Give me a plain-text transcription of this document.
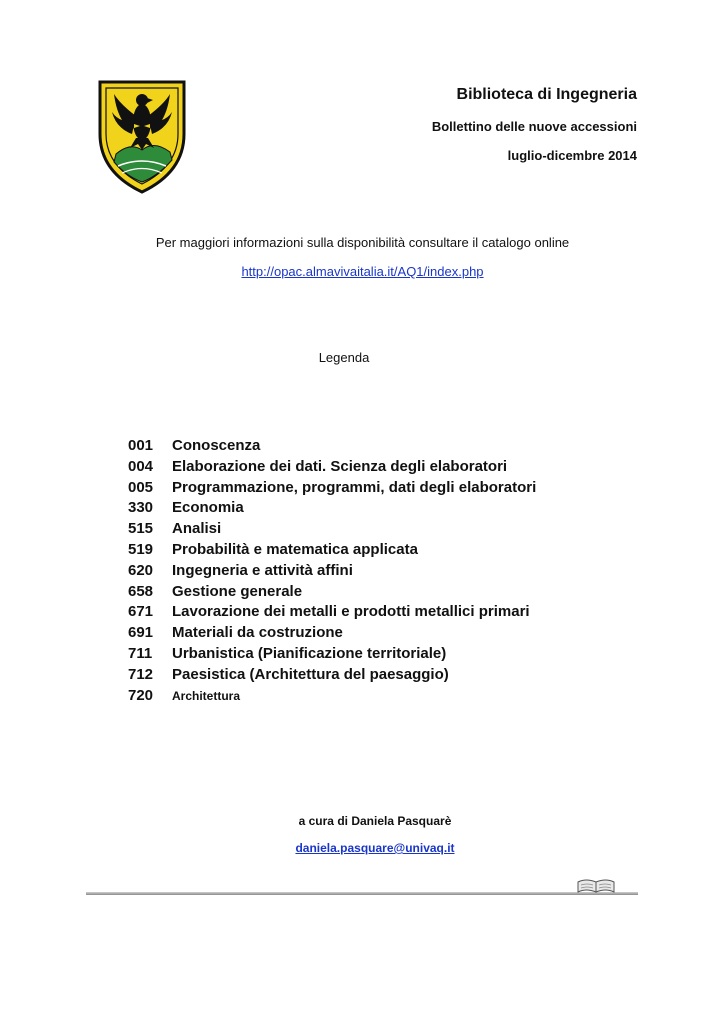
Biblioteca di Ingegneria
Bollettino delle nuove accessioni
luglio-dicembre 2014
Per maggiori informazioni sulla disponibilità consultare il catalogo online
http://opac.almavivaitalia.it/AQ1/index.php
Legenda
001 Conoscenza
004 Elaborazione dei dati. Scienza degli elaboratori
005 Programmazione, programmi, dati degli elaboratori
330 Economia
515 Analisi
519 Probabilità e matematica applicata
620 Ingegneria e attività affini
658 Gestione generale
671 Lavorazione dei metalli e prodotti metallici primari
691 Materiali da costruzione
711 Urbanistica (Pianificazione territoriale)
712 Paesistica (Architettura del paesaggio)
720 Architettura
a cura di Daniela Pasquarè
daniela.pasquare@univaq.it
